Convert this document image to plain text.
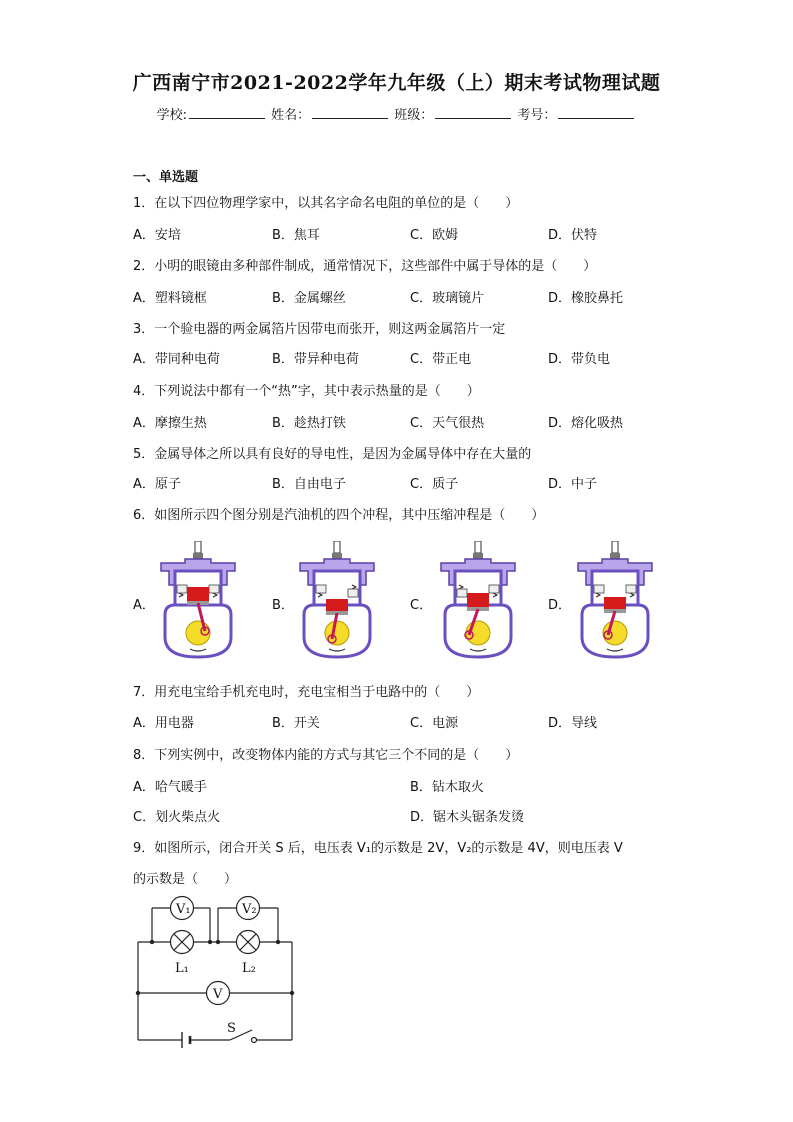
广西南宁市2021-2022学年九年级（上）期末考试物理试题
学校:	姓名：	班级：	考号：
一、单选题
1．在以下四位物理学家中，以其名字命名电阻的单位的是（　　）
A．安培	B．焦耳	C．欧姆	D．伏特
2．小明的眼镜由多种部件制成，通常情况下，这些部件中属于导体的是（　　）
A．塑料镜框	B．金属螺丝	C．玻璃镜片	D．橡胶鼻托
3．一个验电器的两金属箔片因带电而张开，则这两金属箔片一定
A．带同种电荷	B．带异种电荷	C．带正电	D．带负电
4．下列说法中都有一个“热”字，其中表示热量的是（　　）
A．摩擦生热	B．趁热打铁	C．天气很热	D．熔化吸热
5．金属导体之所以具有良好的导电性，是因为金属导体中存在大量的
A．原子	B．自由电子	C．质子	D．中子
6．如图所示四个图分别是汽油机的四个冲程，其中压缩冲程是（　　）
A．	B．	C．	D．
7．用充电宝给手机充电时，充电宝相当于电路中的（　　）
A．用电器	B．开关	C．电源	D．导线
8．下列实例中，改变物体内能的方式与其它三个不同的是（　　）
A．哈气暖手	B．钻木取火
C．划火柴点火	D．锯木头锯条发烫
9．如图所示，闭合开关 S 后，电压表 V₁的示数是 2V，V₂的示数是 4V，则电压表 V
的示数是（　　）
V₁	V₂
V
L₁	L₂
S
